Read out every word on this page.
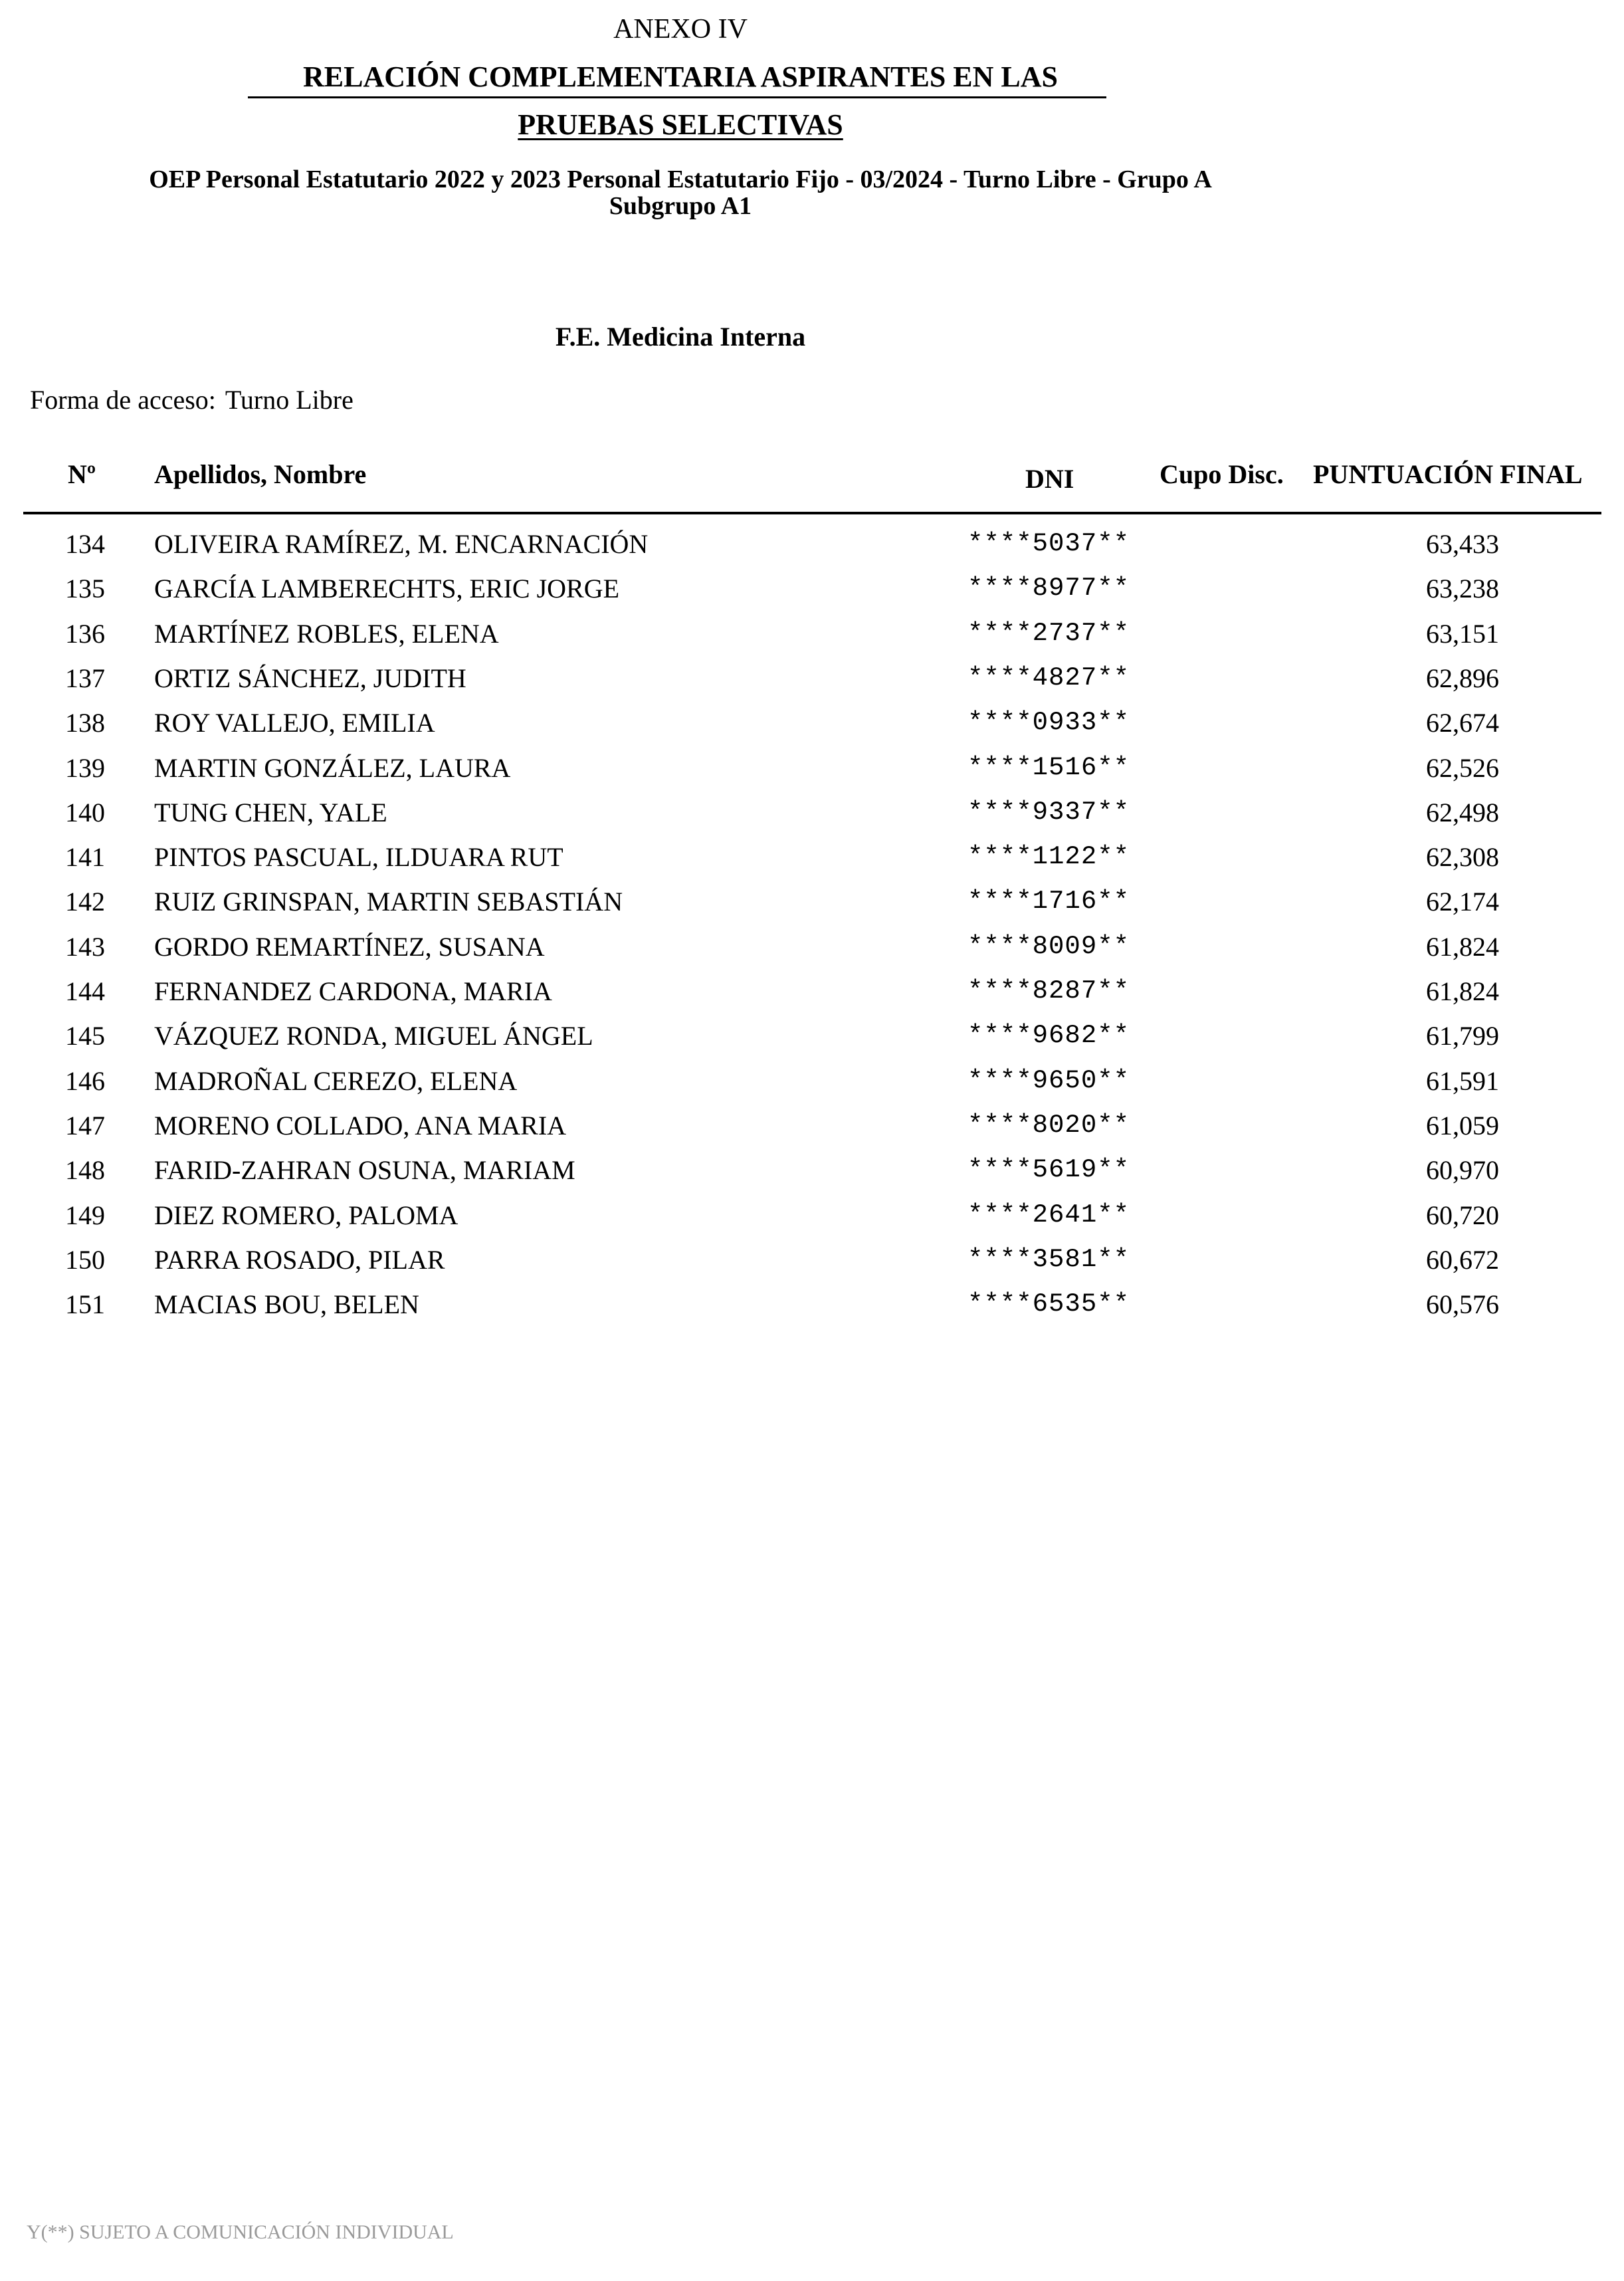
ANEXO IV
RELACIÓN COMPLEMENTARIA ASPIRANTES EN LAS
PRUEBAS SELECTIVAS
OEP Personal Estatutario 2022 y 2023 Personal Estatutario Fijo - 03/2024 - Turno Libre - Grupo A Subgrupo A1
F.E. Medicina Interna
Forma de acceso: Turno Libre
Nº Apellidos, Nombre	DNI	Cupo Disc. PUNTUACIÓN FINAL
134 OLIVEIRA RAMÍREZ, M. ENCARNACIÓN	****5037**	63,433
135 GARCÍA LAMBERECHTS, ERIC JORGE	****8977**	63,238
136 MARTÍNEZ ROBLES, ELENA	****2737**	63,151
137 ORTIZ SÁNCHEZ, JUDITH	****4827**	62,896
138 ROY VALLEJO, EMILIA	****0933**	62,674
139 MARTIN GONZÁLEZ, LAURA	****1516**	62,526
140 TUNG CHEN, YALE	****9337**	62,498
141 PINTOS PASCUAL, ILDUARA RUT	****1122**	62,308
142 RUIZ GRINSPAN, MARTIN SEBASTIÁN	****1716**	62,174
143 GORDO REMARTÍNEZ, SUSANA	****8009**	61,824
144 FERNANDEZ CARDONA, MARIA	****8287**	61,824
145 VÁZQUEZ RONDA, MIGUEL ÁNGEL	****9682**	61,799
146 MADROÑAL CEREZO, ELENA	****9650**	61,591
147 MORENO COLLADO, ANA MARIA	****8020**	61,059
148 FARID-ZAHRAN OSUNA, MARIAM	****5619**	60,970
149 DIEZ ROMERO, PALOMA	****2641**	60,720
150 PARRA ROSADO, PILAR	****3581**	60,672
151 MACIAS BOU, BELEN	****6535**	60,576
Y(**) SUJETO A COMUNICACIÓN INDIVIDUAL
